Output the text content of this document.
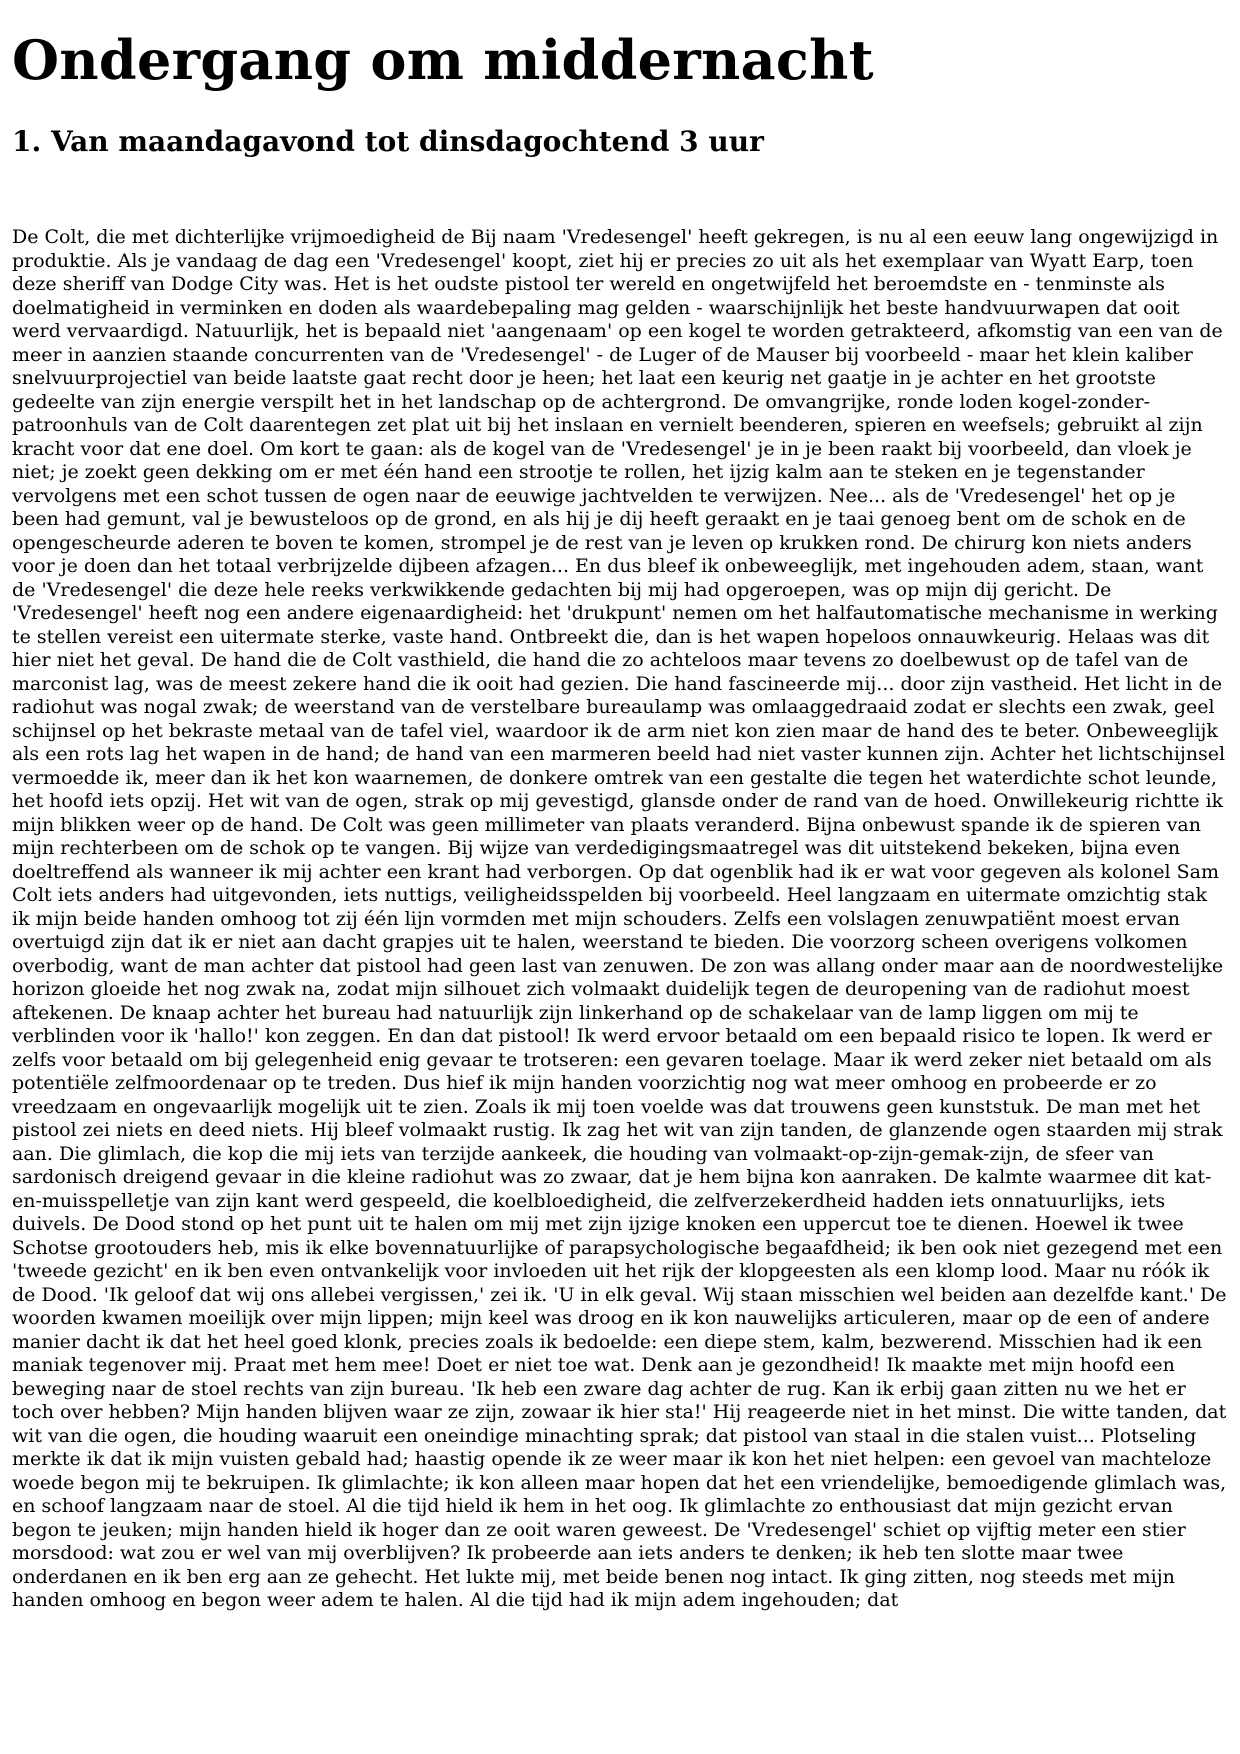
Ondergang om middernacht
1. Van maandagavond tot dinsdagochtend 3 uur

De Colt, die met dichterlijke vrijmoedigheid de Bij naam 'Vredesengel' heeft gekregen, is nu al een eeuw lang ongewijzigd in produktie. Als je vandaag de dag een 'Vredesengel' koopt, ziet hij er precies zo uit als het exemplaar van Wyatt Earp, toen deze sheriff van Dodge City was. Het is het oudste pistool ter wereld en ongetwijfeld het beroemdste en - tenminste als doelmatigheid in verminken en doden als waardebepaling mag gelden - waarschijnlijk het beste handvuurwapen dat ooit werd vervaardigd. Natuurlijk, het is bepaald niet 'aangenaam' op een kogel te worden getrakteerd, afkomstig van een van de meer in aanzien staande concurrenten van de 'Vredesengel' - de Luger of de Mauser bij voorbeeld - maar het klein kaliber snelvuurprojectiel van beide laatste gaat recht door je heen; het laat een keurig net gaatje in je achter en het grootste gedeelte van zijn energie verspilt het in het landschap op de achtergrond. De omvangrijke, ronde loden kogel-zonder-patroonhuls van de Colt daarentegen zet plat uit bij het inslaan en vernielt beenderen, spieren en weefsels; gebruikt al zijn kracht voor dat ene doel. Om kort te gaan: als de kogel van de 'Vredesengel' je in je been raakt bij voorbeeld, dan vloek je niet; je zoekt geen dekking om er met één hand een strootje te rollen, het ijzig kalm aan te steken en je tegenstander vervolgens met een schot tussen de ogen naar de eeuwige jachtvelden te verwijzen. Nee... als de 'Vredesengel' het op je been had gemunt, val je bewusteloos op de grond, en als hij je dij heeft geraakt en je taai genoeg bent om de schok en de opengescheurde aderen te boven te komen, strompel je de rest van je leven op krukken rond. De chirurg kon niets anders voor je doen dan het totaal verbrijzelde dijbeen afzagen... En dus bleef ik onbeweeglijk, met ingehouden adem, staan, want de 'Vredesengel' die deze hele reeks verkwikkende gedachten bij mij had opgeroepen, was op mijn dij gericht. De 'Vredesengel' heeft nog een andere eigenaardigheid: het 'drukpunt' nemen om het halfautomatische mechanisme in werking te stellen vereist een uitermate sterke, vaste hand. Ontbreekt die, dan is het wapen hopeloos onnauwkeurig. Helaas was dit hier niet het geval. De hand die de Colt vasthield, die hand die zo achteloos maar tevens zo doelbewust op de tafel van de marconist lag, was de meest zekere hand die ik ooit had gezien. Die hand fascineerde mij... door zijn vastheid. Het licht in de radiohut was nogal zwak; de weerstand van de verstelbare bureaulamp was omlaaggedraaid zodat er slechts een zwak, geel schijnsel op het bekraste metaal van de tafel viel, waardoor ik de arm niet kon zien maar de hand des te beter. Onbeweeglijk als een rots lag het wapen in de hand; de hand van een marmeren beeld had niet vaster kunnen zijn. Achter het lichtschijnsel vermoedde ik, meer dan ik het kon waarnemen, de donkere omtrek van een gestalte die tegen het waterdichte schot leunde, het hoofd iets opzij. Het wit van de ogen, strak op mij gevestigd, glansde onder de rand van de hoed. Onwillekeurig richtte ik mijn blikken weer op de hand. De Colt was geen millimeter van plaats veranderd. Bijna onbewust spande ik de spieren van mijn rechterbeen om de schok op te vangen. Bij wijze van verdedigingsmaatregel was dit uitstekend bekeken, bijna even doeltreffend als wanneer ik mij achter een krant had verborgen. Op dat ogenblik had ik er wat voor gegeven als kolonel Sam Colt iets anders had uitgevonden, iets nuttigs, veiligheidsspelden bij voorbeeld. Heel langzaam en uitermate omzichtig stak ik mijn beide handen omhoog tot zij één lijn vormden met mijn schouders. Zelfs een volslagen zenuwpatiënt moest ervan overtuigd zijn dat ik er niet aan dacht grapjes uit te halen, weerstand te bieden. Die voorzorg scheen overigens volkomen overbodig, want de man achter dat pistool had geen last van zenuwen. De zon was allang onder maar aan de noordwestelijke horizon gloeide het nog zwak na, zodat mijn silhouet zich volmaakt duidelijk tegen de deuropening van de radiohut moest aftekenen. De knaap achter het bureau had natuurlijk zijn linkerhand op de schakelaar van de lamp liggen om mij te verblinden voor ik 'hallo!' kon zeggen. En dan dat pistool! Ik werd ervoor betaald om een bepaald risico te lopen. Ik werd er zelfs voor betaald om bij gelegenheid enig gevaar te trotseren: een gevaren toelage. Maar ik werd zeker niet betaald om als potentiële zelfmoordenaar op te treden. Dus hief ik mijn handen voorzichtig nog wat meer omhoog en probeerde er zo vreedzaam en ongevaarlijk mogelijk uit te zien. Zoals ik mij toen voelde was dat trouwens geen kunststuk. De man met het pistool zei niets en deed niets. Hij bleef volmaakt rustig. Ik zag het wit van zijn tanden, de glanzende ogen staarden mij strak aan. Die glimlach, die kop die mij iets van terzijde aankeek, die houding van volmaakt-op-zijn-gemak-zijn, de sfeer van sardonisch dreigend gevaar in die kleine radiohut was zo zwaar, dat je hem bijna kon aanraken. De kalmte waarmee dit kat-en-muisspelletje van zijn kant werd gespeeld, die koelbloedigheid, die zelfverzekerdheid hadden iets onnatuurlijks, iets duivels. De Dood stond op het punt uit te halen om mij met zijn ijzige knoken een uppercut toe te dienen. Hoewel ik twee Schotse grootouders heb, mis ik elke bovennatuurlijke of parapsychologische begaafdheid; ik ben ook niet gezegend met een 'tweede gezicht' en ik ben even ontvankelijk voor invloeden uit het rijk der klopgeesten als een klomp lood. Maar nu róók ik de Dood. 'Ik geloof dat wij ons allebei vergissen,' zei ik. 'U in elk geval. Wij staan misschien wel beiden aan dezelfde kant.' De woorden kwamen moeilijk over mijn lippen; mijn keel was droog en ik kon nauwelijks articuleren, maar op de een of andere manier dacht ik dat het heel goed klonk, precies zoals ik bedoelde: een diepe stem, kalm, bezwerend. Misschien had ik een maniak tegenover mij. Praat met hem mee! Doet er niet toe wat. Denk aan je gezondheid! Ik maakte met mijn hoofd een beweging naar de stoel rechts van zijn bureau. 'Ik heb een zware dag achter de rug. Kan ik erbij gaan zitten nu we het er toch over hebben? Mijn handen blijven waar ze zijn, zowaar ik hier sta!' Hij reageerde niet in het minst. Die witte tanden, dat wit van die ogen, die houding waaruit een oneindige minachting sprak; dat pistool van staal in die stalen vuist... Plotseling merkte ik dat ik mijn vuisten gebald had; haastig opende ik ze weer maar ik kon het niet helpen: een gevoel van machteloze woede begon mij te bekruipen. Ik glimlachte; ik kon alleen maar hopen dat het een vriendelijke, bemoedigende glimlach was, en schoof langzaam naar de stoel. Al die tijd hield ik hem in het oog. Ik glimlachte zo enthousiast dat mijn gezicht ervan begon te jeuken; mijn handen hield ik hoger dan ze ooit waren geweest. De 'Vredesengel' schiet op vijftig meter een stier morsdood: wat zou er wel van mij overblijven? Ik probeerde aan iets anders te denken; ik heb ten slotte maar twee onderdanen en ik ben erg aan ze gehecht. Het lukte mij, met beide benen nog intact. Ik ging zitten, nog steeds met mijn handen omhoog en begon weer adem te halen. Al die tijd had ik mijn adem ingehouden; dat
